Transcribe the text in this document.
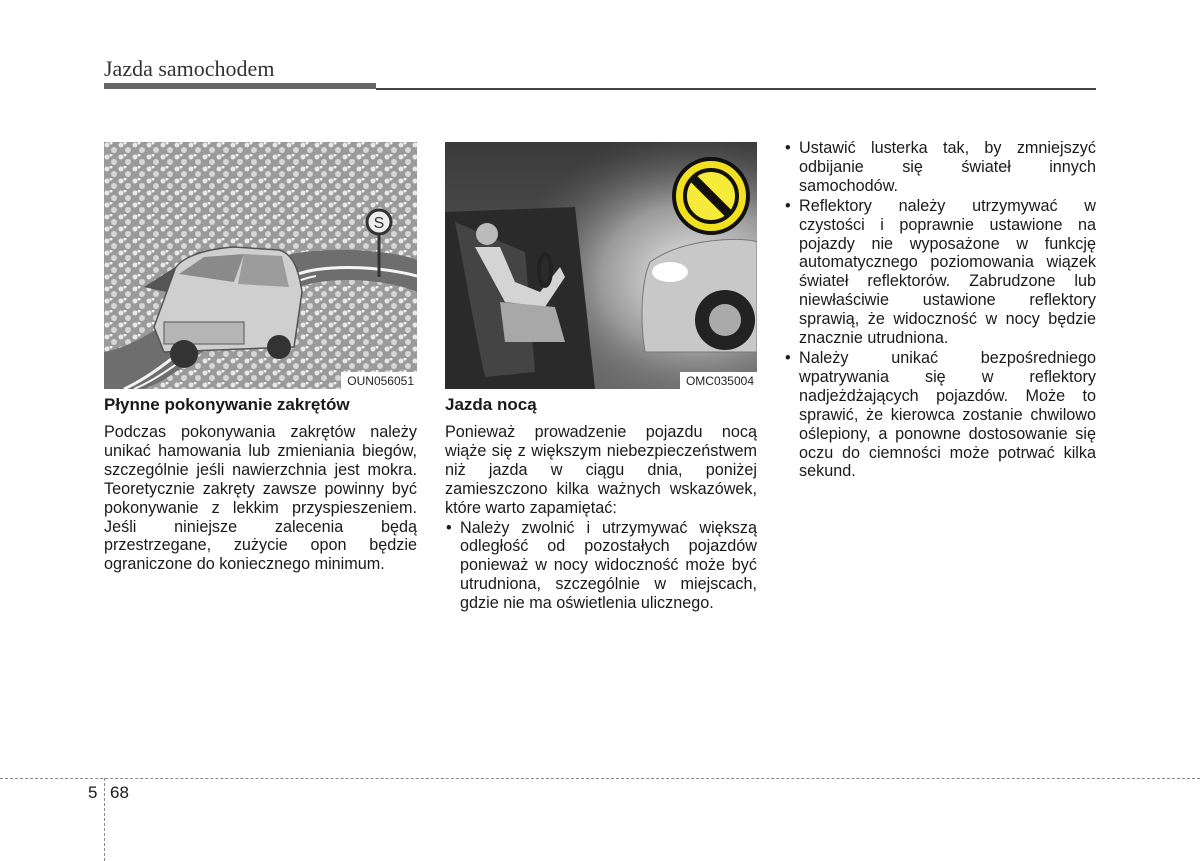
Jazda samochodem
S
OUN056051	OMC035004
Płynne pokonywanie zakrętów

Podczas pokonywania zakrętów należy unikać hamowania lub zmieniania biegów, szczególnie jeśli nawierzchnia jest mokra. Teoretycznie zakręty zawsze powinny być pokonywanie z lekkim przyspieszeniem. Jeśli niniejsze zalecenia będą przestrzegane, zużycie opon będzie ograniczone do koniecznego minimum.

Jazda nocą

Ponieważ prowadzenie pojazdu nocą wiąże się z większym niebezpieczeństwem niż jazda w ciągu dnia, poniżej zamieszczono kilka ważnych wskazówek, które warto zapamiętać:

• Należy zwolnić i utrzymywać większą odległość od pozostałych pojazdów ponieważ w nocy widoczność może być utrudniona, szczególnie w miejscach, gdzie nie ma oświetlenia ulicznego.
• Ustawić lusterka tak, by zmniejszyć odbijanie się świateł innych samochodów.
• Reflektory należy utrzymywać w czystości i poprawnie ustawione na pojazdy nie wyposażone w funkcję automatycznego poziomowania wiązek świateł reflektorów. Zabrudzone lub niewłaściwie ustawione reflektory sprawią, że widoczność w nocy będzie znacznie utrudniona.
• Należy unikać bezpośredniego wpatrywania się w reflektory nadjeżdżających pojazdów. Może to sprawić, że kierowca zostanie chwilowo oślepiony, a ponowne dostosowanie się oczu do ciemności może potrwać kilka sekund.
5 68
